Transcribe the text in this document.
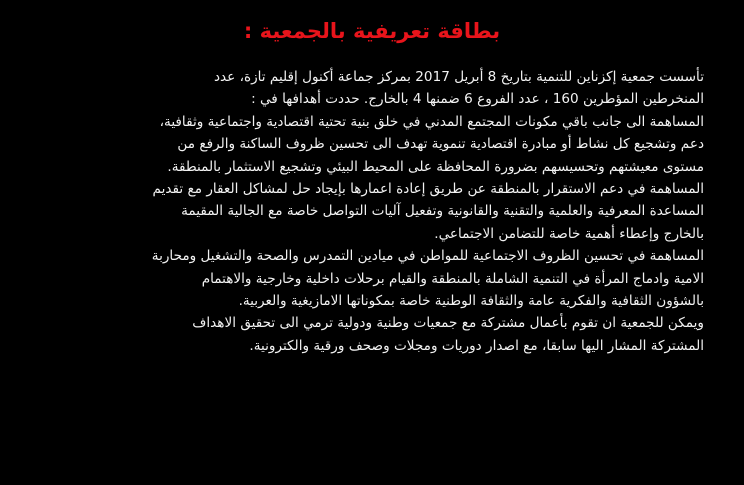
بطاقة تعريفية بالجمعية :
تأسست جمعية إكزناين للتنمية بتاريخ 8 أبريل 2017 بمركز جماعة أكنول إقليم تازة، عدد
المنخرطين المؤطرين 160 ، عدد الفروع 6 ضمنها 4 بالخارج. حددت أهدافها في :
المساهمة الى جانب باقي مكونات المجتمع المدني في خلق بنية تحتية اقتصادية واجتماعية وثقافية،
دعم وتشجيع كل نشاط أو مبادرة اقتصادية تنموية تهدف الى تحسين ظروف الساكنة والرفع من
مستوى معيشتهم وتحسيسهم بضرورة المحافظة على المحيط البيئي وتشجيع الاستثمار بالمنطقة.
المساهمة في دعم الاستقرار بالمنطقة عن طريق إعادة اعمارها بإيجاد حل لمشاكل العقار مع تقديم
المساعدة المعرفية والعلمية والتقنية والقانونية وتفعيل آليات التواصل خاصة مع الجالية المقيمة
بالخارج وإعطاء أهمية خاصة للتضامن الاجتماعي.
المساهمة في تحسين الظروف الاجتماعية للمواطن في ميادين التمدرس والصحة والتشغيل ومحاربة
الامية وادماج المرأة في التنمية الشاملة بالمنطقة والقيام برحلات داخلية وخارجية والاهتمام
بالشؤون الثقافية والفكرية عامة والثقافة الوطنية خاصة بمكوناتها الامازيغية والعربية.
ويمكن للجمعية ان تقوم بأعمال مشتركة مع جمعيات وطنية ودولية ترمي الى تحقيق الاهداف
المشتركة المشار اليها سابقا، مع اصدار دوريات ومجلات وصحف ورقية والكترونية.
